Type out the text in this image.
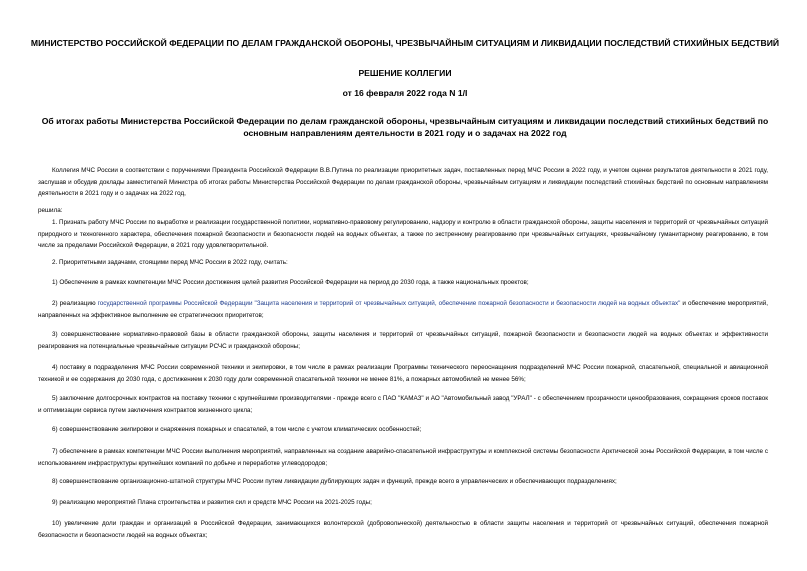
МИНИСТЕРСТВО РОССИЙСКОЙ ФЕДЕРАЦИИ ПО ДЕЛАМ ГРАЖДАНСКОЙ ОБОРОНЫ, ЧРЕЗВЫЧАЙНЫМ СИТУАЦИЯМ И ЛИКВИДАЦИИ ПОСЛЕДСТВИЙ СТИХИЙНЫХ БЕДСТВИЙ

РЕШЕНИЕ КОЛЛЕГИИ

от 16 февраля 2022 года N 1/I

Об итогах работы Министерства Российской Федерации по делам гражданской обороны, чрезвычайным ситуациям и ликвидации последствий стихийных бедствий по основным направлениям деятельности в 2021 году и о задачах на 2022 год

Коллегия МЧС России в соответствии с поручениями Президента Российской Федерации В.В.Путина по реализации приоритетных задач, поставленных перед МЧС России в 2022 году, и учетом оценки результатов деятельности в 2021 году, заслушав и обсудив доклады заместителей Министра об итогах работы Министерства Российской Федерации по делам гражданской обороны, чрезвычайным ситуациям и ликвидации последствий стихийных бедствий по основным направлениям деятельности в 2021 году и о задачах на 2022 год,

решила:

1. Признать работу МЧС России по выработке и реализации государственной политики, нормативно-правовому регулированию, надзору и контролю в области гражданской обороны, защиты населения и территорий от чрезвычайных ситуаций природного и техногенного характера, обеспечения пожарной безопасности и безопасности людей на водных объектах, а также по экстренному реагированию при чрезвычайных ситуациях, чрезвычайному гуманитарному реагированию, в том числе за пределами Российской Федерации, в 2021 году удовлетворительной.

2. Приоритетными задачами, стоящими перед МЧС России в 2022 году, считать:

1) Обеспечение в рамках компетенции МЧС России достижения целей развития Российской Федерации на период до 2030 года, а также национальных проектов;

2) реализацию государственной программы Российской Федерации "Защита населения и территорий от чрезвычайных ситуаций, обеспечение пожарной безопасности и безопасности людей на водных объектах" и обеспечение мероприятий, направленных на эффективное выполнение ее стратегических приоритетов;

3) совершенствование нормативно-правовой базы в области гражданской обороны, защиты населения и территорий от чрезвычайных ситуаций, пожарной безопасности и безопасности людей на водных объектах и эффективности реагирования на потенциальные чрезвычайные ситуации РСЧС и гражданской обороны;

4) поставку в подразделения МЧС России современной техники и экипировки, в том числе в рамках реализации Программы технического переоснащения подразделений МЧС России пожарной, спасательной, специальной и авиационной техникой и ее содержания до 2030 года, с достижением к 2030 году доли современной спасательной техники не менее 81%, а пожарных автомобилей не менее 56%;

5) заключение долгосрочных контрактов на поставку техники с крупнейшими производителями - прежде всего с ПАО "КАМАЗ" и АО "Автомобильный завод "УРАЛ" - с обеспечением прозрачности ценообразования, сокращения сроков поставок и оптимизации сервиса путем заключения контрактов жизненного цикла;

6) совершенствование экипировки и снаряжения пожарных и спасателей, в том числе с учетом климатических особенностей;

7) обеспечение в рамках компетенции МЧС России выполнения мероприятий, направленных на создание аварийно-спасательной инфраструктуры и комплексной системы безопасности Арктической зоны Российской Федерации, в том числе с использованием инфраструктуры крупнейших компаний по добыче и переработке углеводородов;

8) совершенствование организационно-штатной структуры МЧС России путем ликвидации дублирующих задач и функций, прежде всего в управленческих и обеспечивающих подразделениях;

9) реализацию мероприятий Плана строительства и развития сил и средств МЧС России на 2021-2025 годы;

10) увеличение доли граждан и организаций в Российской Федерации, занимающихся волонтерской (добровольческой) деятельностью в области защиты населения и территорий от чрезвычайных ситуаций, обеспечения пожарной безопасности и безопасности людей на водных объектах;
